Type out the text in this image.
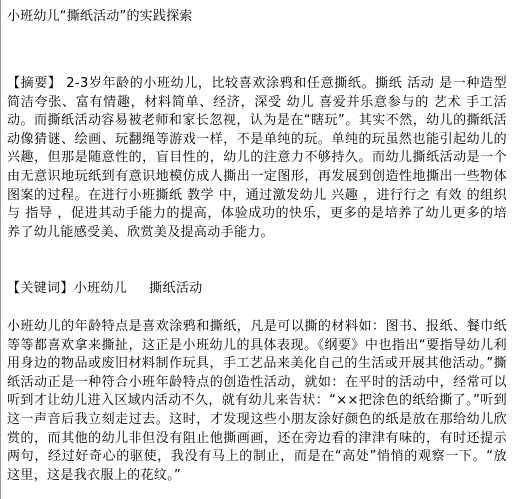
小班幼儿“撕纸活动”的实践探索

【摘要】 2-3岁年龄的小班幼儿，比较喜欢涂鸦和任意撕纸。撕纸 活动 是一种造型简洁夸张、富有情趣，材料简单、经济，深受 幼儿 喜爱并乐意参与的 艺术 手工活动。而撕纸活动容易被老师和家长忽视，认为是在“瞎玩”。其实不然，幼儿的撕纸活动像猜谜、绘画、玩翻绳等游戏一样，不是单纯的玩。单纯的玩虽然也能引起幼儿的兴趣，但那是随意性的，盲目性的，幼儿的注意力不够持久。而幼儿撕纸活动是一个由无意识地玩纸到有意识地模仿成人撕出一定图形，再发展到创造性地撕出一些物体图案的过程。在进行小班撕纸 教学 中，通过激发幼儿 兴趣 ，进行行之 有效 的组织与 指导 ，促进其动手能力的提高，体验成功的快乐，更多的是培养了幼儿更多的培养了幼儿能感受美、欣赏美及提高动手能力。

【关键词】小班幼儿 撕纸活动

小班幼儿的年龄特点是喜欢涂鸦和撕纸，凡是可以撕的材料如：图书、报纸、餐巾纸等等都喜欢拿来撕扯，这正是小班幼儿的具体表现。《纲要》中也指出“要指导幼儿利用身边的物品或废旧材料制作玩具，手工艺品来美化自己的生活或开展其他活动。”撕纸活动正是一种符合小班年龄特点的创造性活动，就如：在平时的活动中，经常可以听到才让幼儿进入区域内活动不久，就有幼儿来告状：“××把涂色的纸给撕了。”听到这一声音后我立刻走过去。这时，才发现这些小朋友涂好颜色的纸是放在那给幼儿欣赏的，而其他的幼儿非但没有阻止他撕画画，还在旁边看的津津有味的，有时还提示两句，经过好奇心的驱使，我没有马上的制止，而是在“高处”悄悄的观察一下。“放这里，这是我衣服上的花纹。”
